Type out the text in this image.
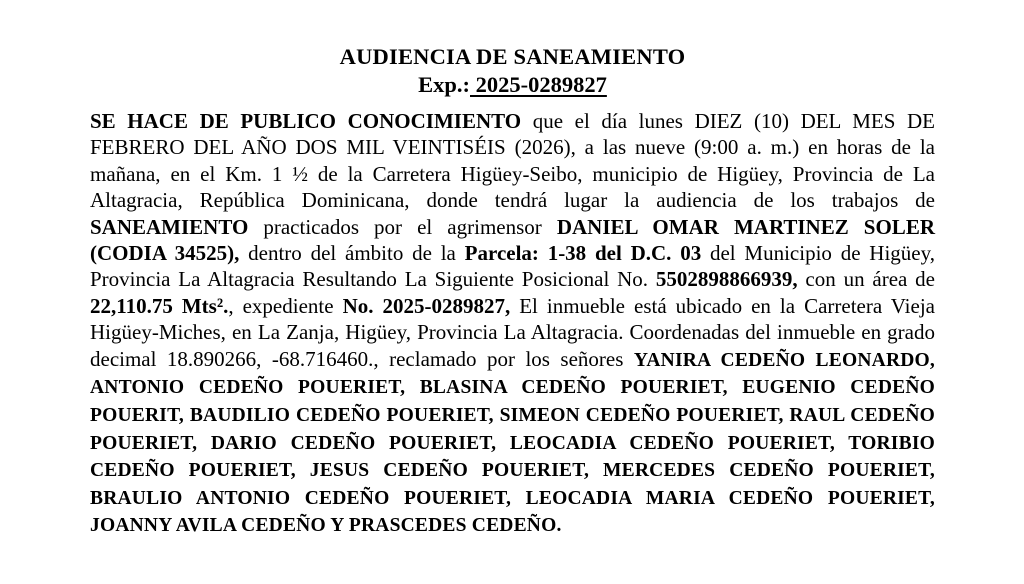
AUDIENCIA DE SANEAMIENTO
Exp.: 2025-0289827

SE HACE DE PUBLICO CONOCIMIENTO que el día lunes DIEZ (10) DEL MES DE FEBRERO DEL AÑO DOS MIL VEINTISÉIS (2026), a las nueve (9:00 a. m.) en horas de la mañana, en el Km. 1 ½ de la Carretera Higüey-Seibo, municipio de Higüey, Provincia de La Altagracia, República Dominicana, donde tendrá lugar la audiencia de los trabajos de SANEAMIENTO practicados por el agrimensor DANIEL OMAR MARTINEZ SOLER (CODIA 34525), dentro del ámbito de la Parcela: 1-38 del D.C. 03 del Municipio de Higüey, Provincia La Altagracia Resultando La Siguiente Posicional No. 5502898866939, con un área de 22,110.75 Mts²., expediente No. 2025-0289827, El inmueble está ubicado en la Carretera Vieja Higüey-Miches, en La Zanja, Higüey, Provincia La Altagracia. Coordenadas del inmueble en grado decimal 18.890266, -68.716460., reclamado por los señores YANIRA CEDEÑO LEONARDO, ANTONIO CEDEÑO POUERIET, BLASINA CEDEÑO POUERIET, EUGENIO CEDEÑO POUERIT, BAUDILIO CEDEÑO POUERIET, SIMEON CEDEÑO POUERIET, RAUL CEDEÑO POUERIET, DARIO CEDEÑO POUERIET, LEOCADIA CEDEÑO POUERIET, TORIBIO CEDEÑO POUERIET, JESUS CEDEÑO POUERIET, MERCEDES CEDEÑO POUERIET, BRAULIO ANTONIO CEDEÑO POUERIET, LEOCADIA MARIA CEDEÑO POUERIET, JOANNY AVILA CEDEÑO Y PRASCEDES CEDEÑO.
